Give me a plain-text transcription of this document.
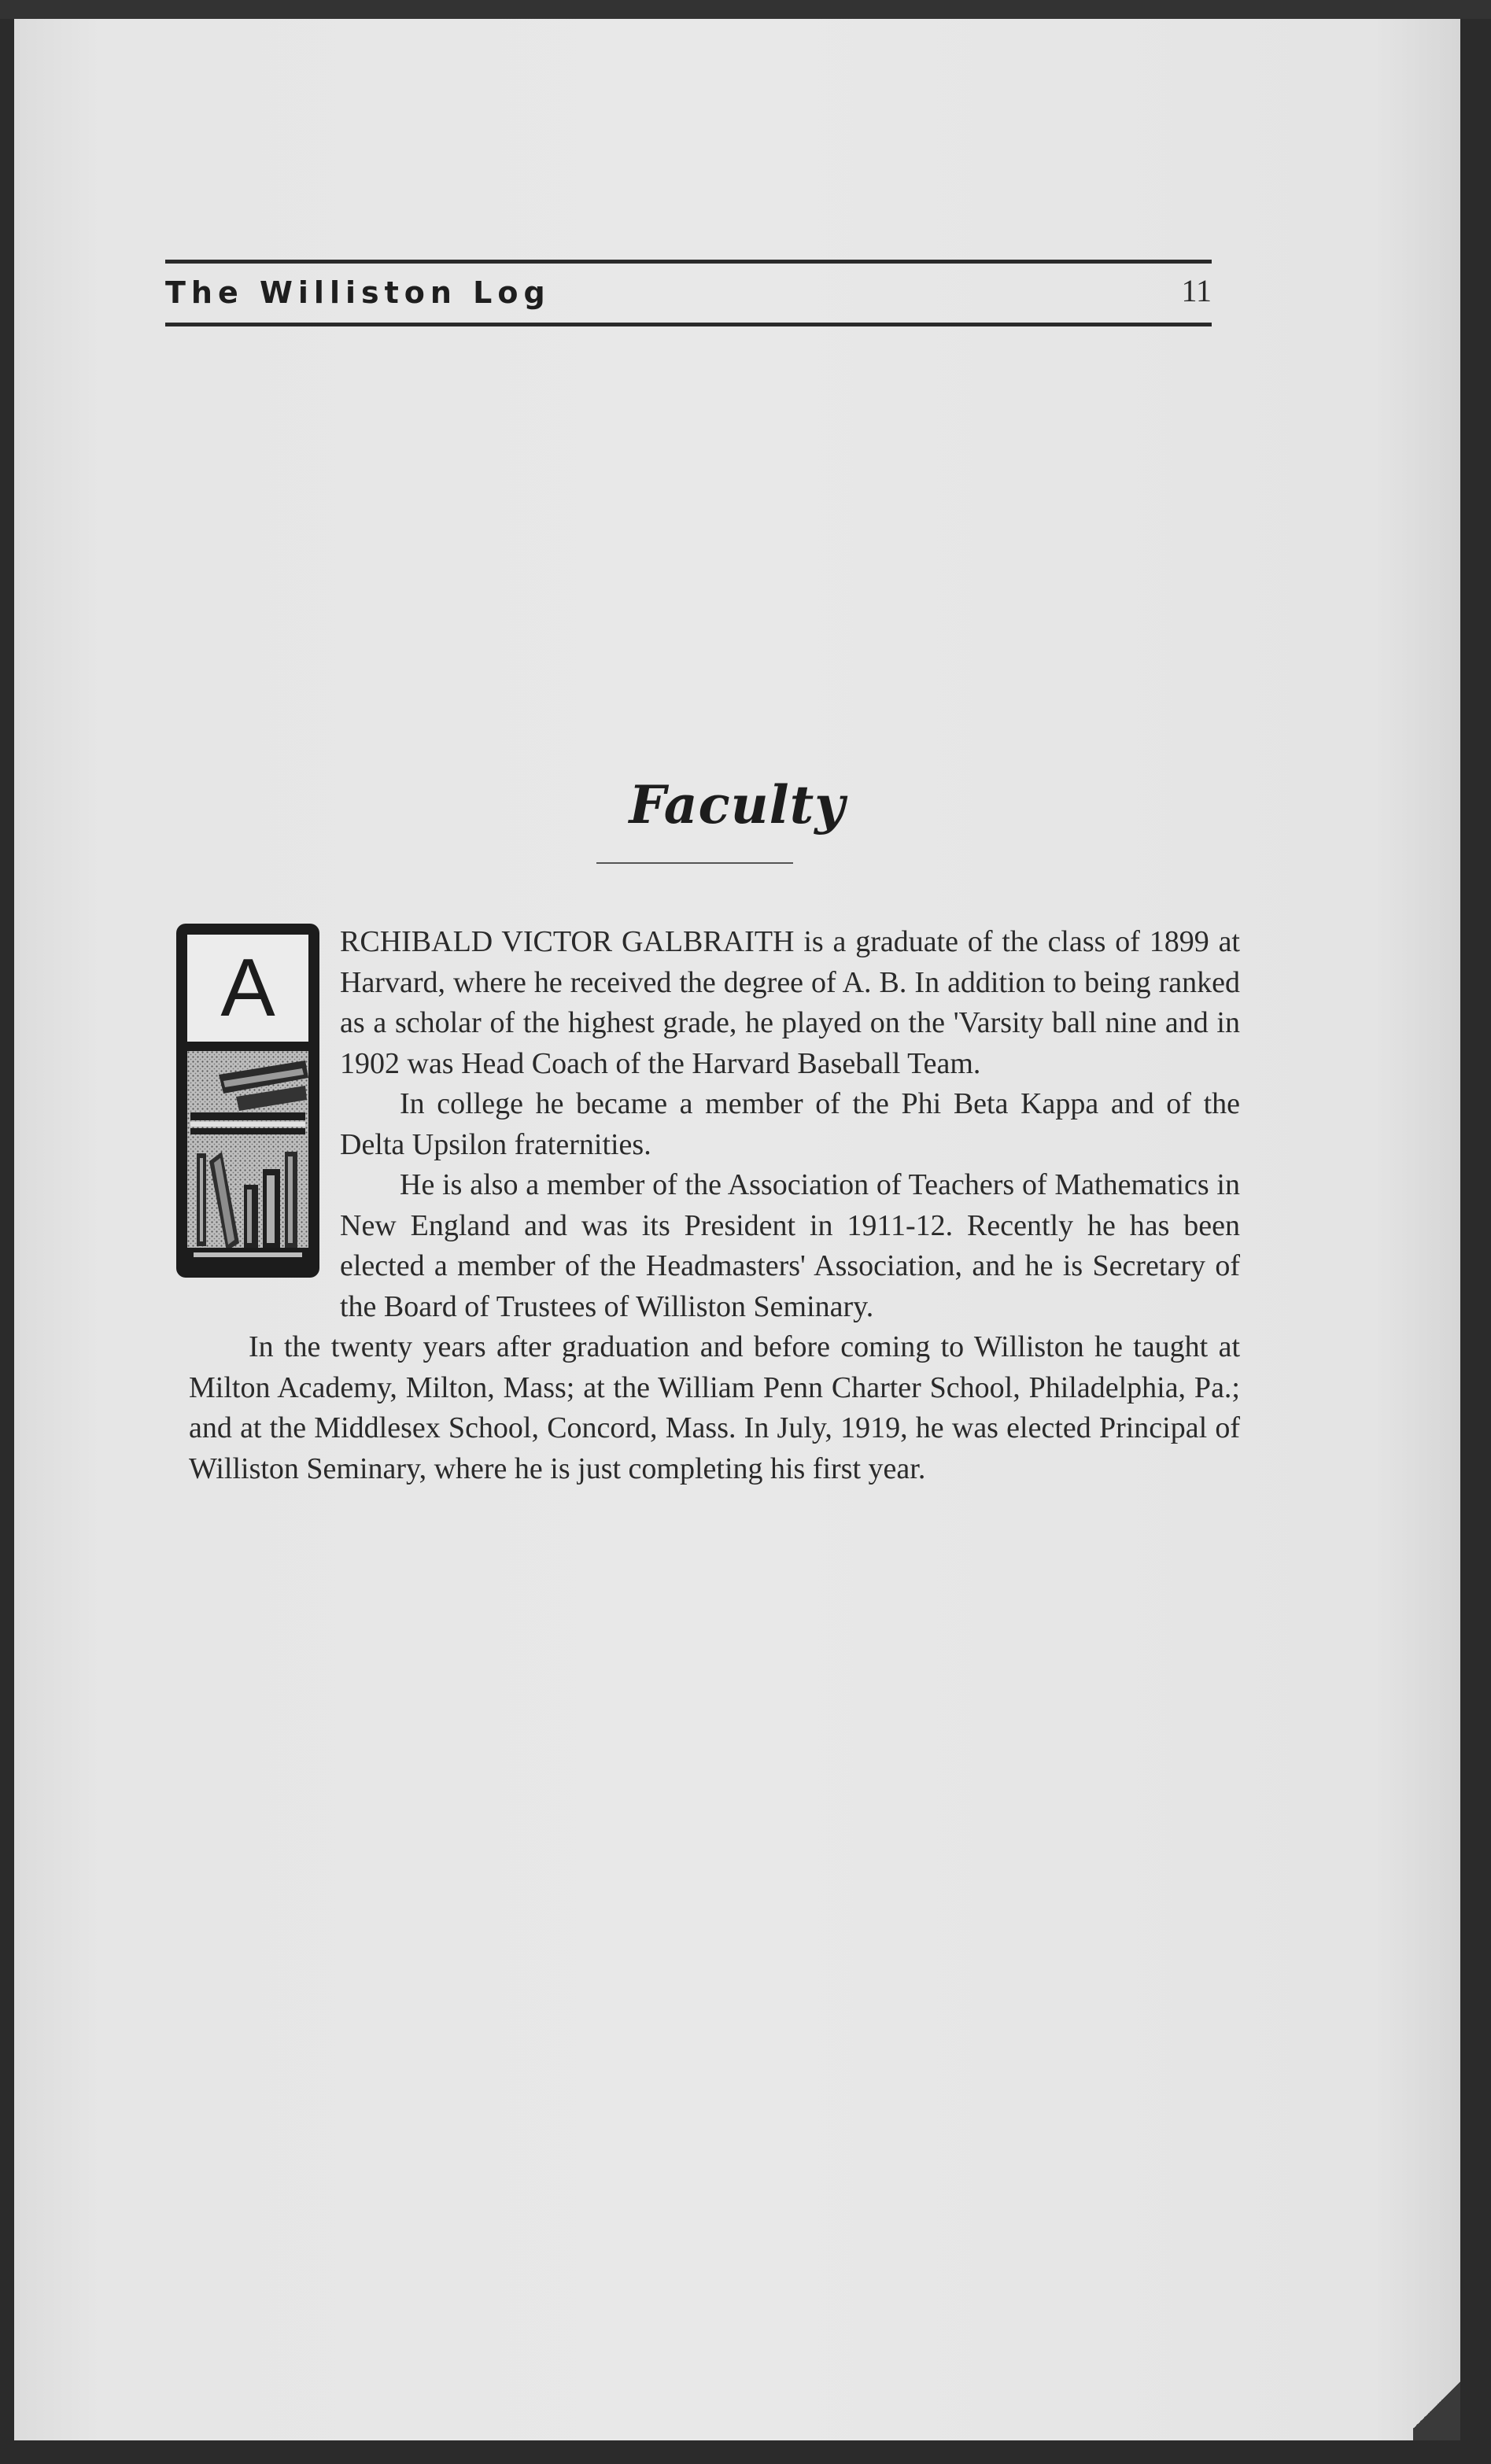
The Williston Log	11
Faculty
A

RCHIBALD VICTOR GALBRAITH is a graduate of the class of 1899 at Harvard, where he received the degree of A. B. In addition to being ranked as a scholar of the highest grade, he played on the 'Varsity ball nine and in 1902 was Head Coach of the Harvard Baseball Team.

In college he became a member of the Phi Beta Kappa and of the Delta Upsilon fraternities.

He is also a member of the Association of Teachers of Mathematics in New England and was its President in 1911-12. Recently he has been elected a member of the Headmasters' Association, and he is Secretary of the Board of Trustees of Williston Seminary.

In the twenty years after graduation and before coming to Williston he taught at Milton Academy, Milton, Mass; at the William Penn Charter School, Philadelphia, Pa.; and at the Middlesex School, Concord, Mass. In July, 1919, he was elected Principal of Williston Seminary, where he is just completing his first year.
